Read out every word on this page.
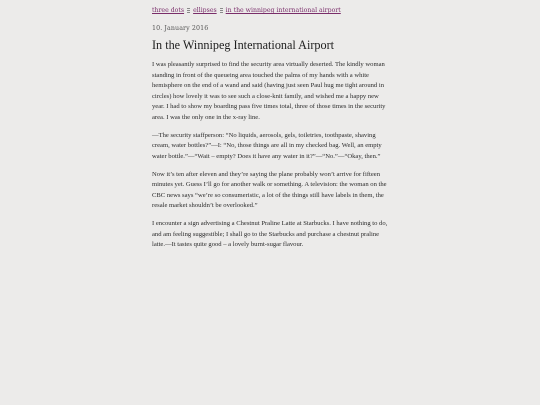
three dots ellipses in the winnipeg international airport
10. January 2016
In the Winnipeg International Airport

I was pleasantly surprised to find the security area virtually deserted. The kindly woman standing in front of the queueing area touched the palms of my hands with a white hemisphere on the end of a wand and said (having just seen Paul hug me tight around in circles) how lovely it was to see such a close-knit family, and wished me a happy new year. I had to show my boarding pass five times total, three of those times in the security area. I was the only one in the x-ray line.

—The security staffperson: “No liquids, aerosols, gels, toiletries, toothpaste, shaving cream, water bottles?”—I: “No, those things are all in my checked bag. Well, an empty water bottle.”—“Wait – empty? Does it have any water in it?”—“No.”—“Okay, then.”

Now it’s ten after eleven and they’re saying the plane probably won’t arrive for fifteen minutes yet. Guess I’ll go for another walk or something. A television: the woman on the CBC news says “we’re so consumeristic, a lot of the things still have labels in them, the resale market shouldn’t be overlooked.”

I encounter a sign advertising a Chestnut Praline Latte at Starbucks. I have nothing to do, and am feeling suggestible; I shall go to the Starbucks and purchase a chestnut praline latte.—It tastes quite good – a lovely burnt-sugar flavour.
